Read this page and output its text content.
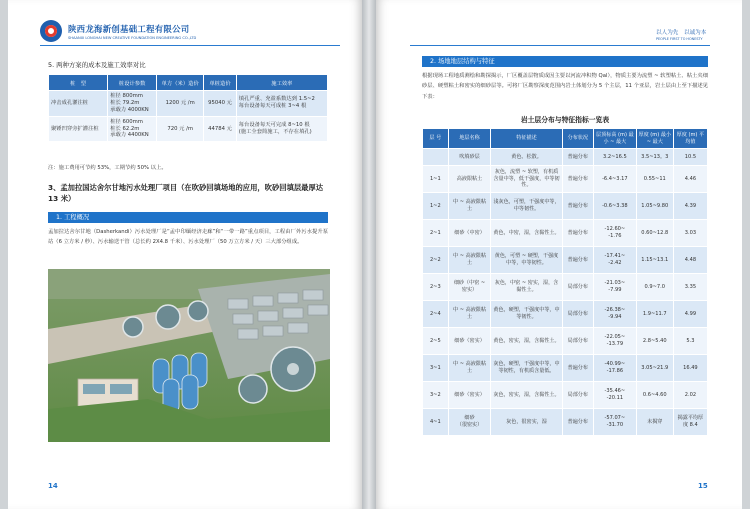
陕西龙海新创基础工程有限公司
SHAANXI LONGHAI NEW CREATIVE FOUNDATION ENGINEERING CO.,LTD
5. 两种方案的成本及施工效率对比
桩　型	桩设计参数	单方（米）造价	单桩造价	施工效率
冲击成孔灌注桩	桩径 800mm
桩长 79.2m
承载力 4000KN	1200 元 /m	95040 元	填孔严重、充盈系数达到 1.5~2
每台设备每天可成桩 3~4 根
聚锤凹穿旁扩灌注桩	桩径 600mm
桩长 62.2m
承载力 4400KN	720 元 /m	44784 元	每台设备每天可完成 8~10 根
(施工全套简施工，不存在填孔)
注：施工费用可节约 53%，工期节约 50% 以上。
3、孟加拉国达舍尔甘地污水处理厂项目（在吹砂回填场地的应用，吹砂回填层最厚达 13 米）
1. 工程概况
孟加拉达舍尔甘地（Dasherkandi）污水处理厂是“孟中印缅经济走廊”和“一带一路”重点项目，工程由厂外污水提升泵站（6 立方米 / 秒）、污水输送干管（总长约 2X4.8 千米）、污水处理厂（50 万立方米 / 天）三大部分组成。
14
以人为先　以诚为本
PEOPLE FIRST TO HONESTY
2. 场地地层结构与特征
根据现场工程地质测绘和勘探揭示，厂区覆盖层物质成因主要以河流冲积物 Qal），物质主要为流塑 ~ 软塑粘土、粘土夹细砂层、硬塑粘土和密实的细砂层等。可将厂区勘察深度范围内岩土体划分为 5 个主层，11 个亚层，岩土层由上至下描述见下表：
岩土层分布与特征指标一览表
层 号	地层名称	特征描述	分布状况	层顶标高 (m) 最小 ~ 最大	厚度 (m) 最小 ~ 最大	厚度 (m) 平均值
	吹填砂层	黄色、松散。	普遍分布	3.2~16.5	3.5~13。3	10.5
1~1	高液限粘土	灰色，流塑 ~ 软塑，有机质含量中等，低干强度，中等韧性。	普遍分布	-6.4~3.17	0.55~11	4.46
1~2	中 ~ 高液限粘土	浅灰色，可塑，干强度中等，中等韧性。	普遍分布	-0.6~3.38	1.05~9.80	4.39
2~1	细砂（中密）	黄色，中密，湿，含黏性土。	普遍分布	-12.60~
-1.76	0.60~12.8	3.03
2~2	中 ~ 高液限粘土	黄色，可塑 ~ 硬塑，干强度中等，中等韧性。	普遍分布	-17.41~
-2.42	1.15~13.1	4.48
2~3	细砂（中密 ~ 密实）	灰色，中密 ~ 密实，湿，含黏性土。	局部分布	-21.03~
-7.99	0.9~7.0	3.35
2~4	中 ~ 高液限粘土	黄色，硬塑，干强度中等，中等韧性。	局部分布	-26.38~
-9.94	1.9~11.7	4.99
2~5	细砂（密实）	黄色，密实，湿，含黏性土。	局部分布	-22.05~
-13.79	2.8~5.40	5.3
3~1	中 ~ 高液限粘土	灰色，硬塑，干强度中等，中等韧性，有机质含量低。	普遍分布	-40.99~
-17.86	3.05~21.9	16.49
3~2	细砂（密实）	灰色，密实，湿，含黏性土。	局部分布	-35.46~
-20.11	0.6~4.60	2.02
4~1	细砂
（很密实）	灰色，很密实，湿	普遍分布	-57.07~
-31.70	未揭穿	揭露平均厚度 8.4
15
